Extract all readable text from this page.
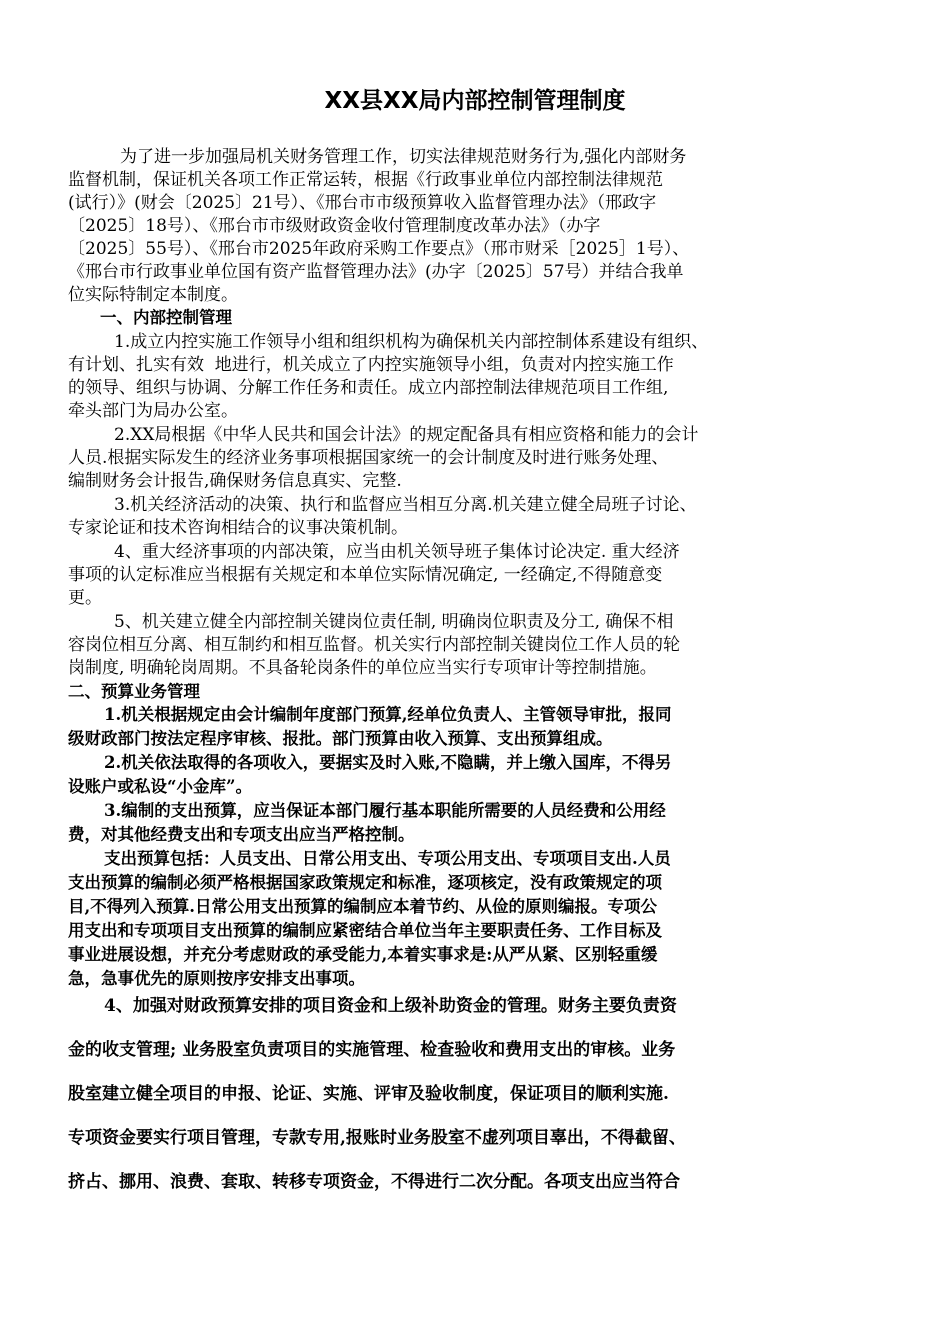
XX县XX局内部控制管理制度
为了进一步加强局机关财务管理工作，切实法律规范财务行为,强化内部财务
监督机制，保证机关各项工作正常运转，根据《行政事业单位内部控制法律规范
(试行）》(财会〔2025〕21号）、《邢台市市级预算收入监督管理办法》（邢政字
〔2025〕18号）、《邢台市市级财政资金收付管理制度改革办法》（办字
〔2025〕55号）、《邢台市2025年政府采购工作要点》（邢市财采［2025］1号）、
《邢台市行政事业单位国有资产监督管理办法》(办字〔2025〕57号）并结合我单
位实际特制定本制度。
一、内部控制管理
1.成立内控实施工作领导小组和组织机构为确保机关内部控制体系建设有组织、
有计划、扎实有效  地进行，机关成立了内控实施领导小组，负责对内控实施工作
的领导、组织与协调、分解工作任务和责任。成立内部控制法律规范项目工作组,
牵头部门为局办公室。
2.XX局根据《中华人民共和国会计法》的规定配备具有相应资格和能力的会计
人员.根据实际发生的经济业务事项根据国家统一的会计制度及时进行账务处理、
编制财务会计报告,确保财务信息真实、完整.
3.机关经济活动的决策、执行和监督应当相互分离.机关建立健全局班子讨论、
专家论证和技术咨询相结合的议事决策机制。
4、重大经济事项的内部决策，应当由机关领导班子集体讨论决定. 重大经济
事项的认定标准应当根据有关规定和本单位实际情况确定, 一经确定,不得随意变
更。
5、机关建立健全内部控制关键岗位责任制, 明确岗位职责及分工, 确保不相
容岗位相互分离、相互制约和相互监督。机关实行内部控制关键岗位工作人员的轮
岗制度, 明确轮岗周期。不具备轮岗条件的单位应当实行专项审计等控制措施。
二、预算业务管理
1.机关根据规定由会计编制年度部门预算,经单位负责人、主管领导审批，报同
级财政部门按法定程序审核、报批。部门预算由收入预算、支出预算组成。
2.机关依法取得的各项收入，要据实及时入账,不隐瞒，并上缴入国库，不得另
设账户或私设“小金库”。
3.编制的支出预算，应当保证本部门履行基本职能所需要的人员经费和公用经
费，对其他经费支出和专项支出应当严格控制。
支出预算包括：人员支出、日常公用支出、专项公用支出、专项项目支出.人员
支出预算的编制必须严格根据国家政策规定和标准，逐项核定，没有政策规定的项
目,不得列入预算.日常公用支出预算的编制应本着节约、从俭的原则编报。专项公
用支出和专项项目支出预算的编制应紧密结合单位当年主要职责任务、工作目标及
事业进展设想，并充分考虑财政的承受能力,本着实事求是:从严从紧、区别轻重缓
急，急事优先的原则按序安排支出事项。
4、加强对财政预算安排的项目资金和上级补助资金的管理。财务主要负责资
金的收支管理; 业务股室负责项目的实施管理、检查验收和费用支出的审核。业务
股室建立健全项目的申报、论证、实施、评审及验收制度，保证项目的顺利实施.
专项资金要实行项目管理，专款专用,报账时业务股室不虚列项目辜出，不得截留、
挤占、挪用、浪费、套取、转移专项资金，不得进行二次分配。各项支出应当符合
